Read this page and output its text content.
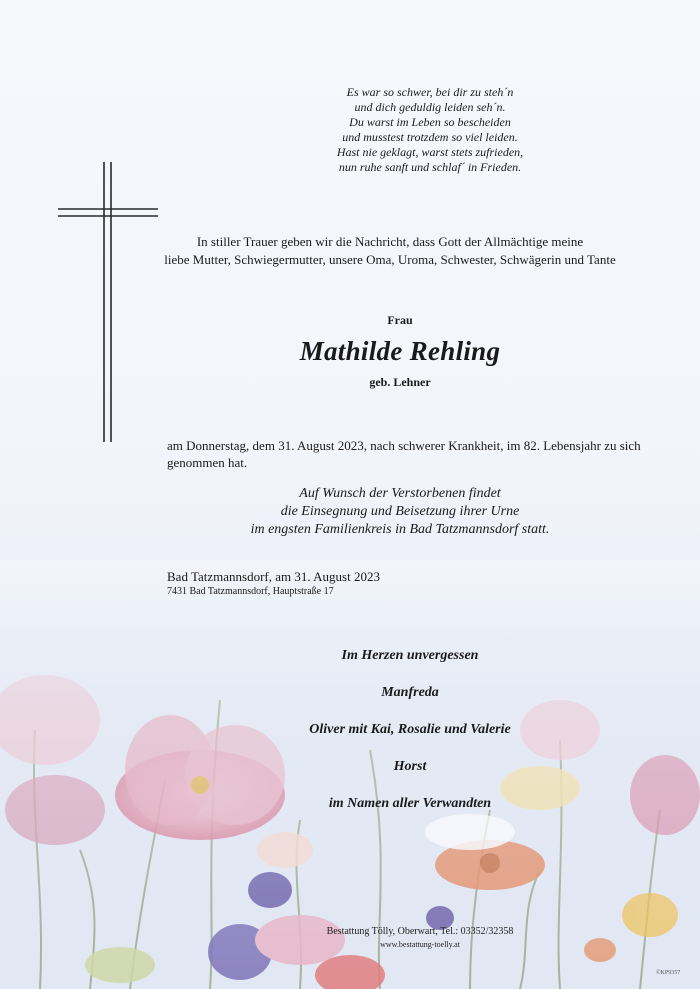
Es war so schwer, bei dir zu steh´n
und dich geduldig leiden seh´n.
Du warst im Leben so bescheiden
und musstest trotzdem so viel leiden.
Hast nie geklagt, warst stets zufrieden,
nun ruhe sanft und schlaf´ in Frieden.
In stiller Trauer geben wir die Nachricht, dass Gott der Allmächtige meine
liebe Mutter, Schwiegermutter, unsere Oma, Uroma, Schwester, Schwägerin und Tante
Frau
Mathilde Rehling
geb. Lehner
am Donnerstag, dem 31. August 2023, nach schwerer Krankheit, im 82. Lebensjahr zu sich genommen hat.
Auf Wunsch der Verstorbenen findet
die Einsegnung und Beisetzung ihrer Urne
im engsten Familienkreis in Bad Tatzmannsdorf statt.
Bad Tatzmannsdorf, am 31. August 2023
7431 Bad Tatzmannsdorf, Hauptstraße 17
Im Herzen unvergessen
Manfreda
Oliver mit Kai, Rosalie und Valerie
Horst
im Namen aller Verwandten
Bestattung Tölly, Oberwart, Tel.: 03352/32358
www.bestattung-toelly.at
©KP9357
